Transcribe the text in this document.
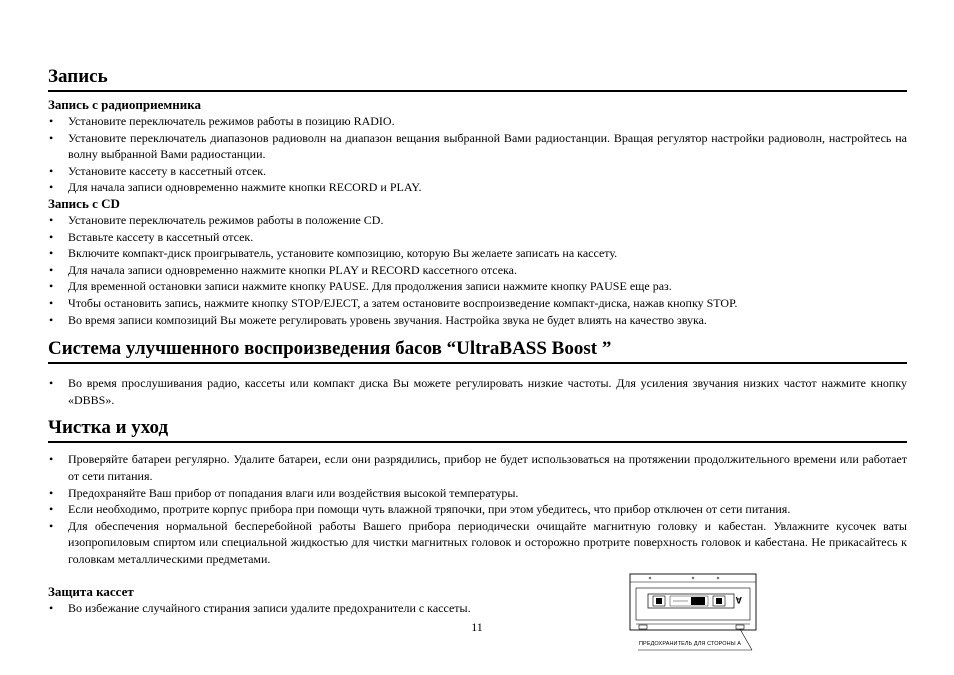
Запись
Запись с радиоприемника
• Установите переключатель режимов работы в позицию RADIO.
• Установите переключатель диапазонов радиоволн на диапазон вещания выбранной Вами радиостанции. Вращая регулятор настройки радиоволн, настройтесь на волну выбранной Вами радиостанции.
• Установите кассету в кассетный отсек.
• Для начала записи одновременно нажмите кнопки RECORD и PLAY.
Запись с CD
• Установите переключатель режимов работы в положение CD.
• Вставьте кассету в кассетный отсек.
• Включите компакт-диск проигрыватель, установите композицию, которую Вы желаете записать на кассету.
• Для начала записи одновременно нажмите кнопки PLAY и RECORD кассетного отсека.
• Для временной остановки записи нажмите кнопку PAUSE. Для продолжения записи нажмите кнопку PAUSE еще раз.
• Чтобы остановить запись, нажмите кнопку STOP/EJECT, а затем остановите воспроизведение компакт-диска, нажав кнопку STOP.
• Во время записи композиций Вы можете регулировать уровень звучания. Настройка звука не будет влиять на качество звука.
Система улучшенного воспроизведения басов “UltraBASS Boost ”
• Во время прослушивания радио, кассеты или компакт диска Вы можете регулировать низкие частоты. Для усиления звучания низких частот нажмите кнопку «DBBS».
Чистка и уход
• Проверяйте батареи регулярно. Удалите батареи, если они разрядились, прибор не будет использоваться на протяжении продолжительного времени или работает от сети питания.
• Предохраняйте Ваш прибор от попадания влаги или воздействия высокой температуры.
• Если необходимо, протрите корпус прибора при помощи чуть влажной тряпочки, при этом убедитесь, что прибор отключен от сети питания.
• Для обеспечения нормальной бесперебойной работы Вашего прибора периодически очищайте магнитную головку и кабестан. Увлажните кусочек ваты изопропиловым спиртом или специальной жидкостью для чистки магнитных головок и осторожно протрите поверхность головок и кабестана. Не прикасайтесь к головкам металлическими предметами.
Защита кассет
• Во избежание случайного стирания записи удалите предохранители с кассеты.
11
A
ПРЕДОХРАНИТЕЛЬ ДЛЯ СТОРОНЫ А
